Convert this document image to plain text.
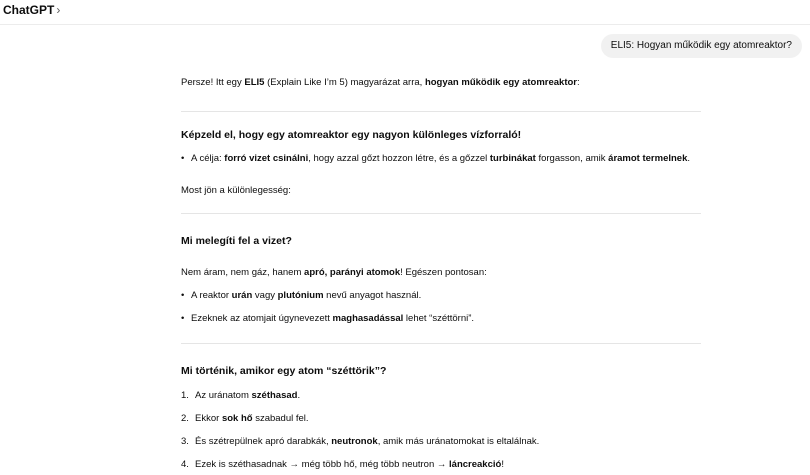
ChatGPT ›
ELI5: Hogyan működik egy atomreaktor?
Persze! Itt egy ELI5 (Explain Like I’m 5) magyarázat arra, hogyan működik egy atomreaktor:
Képzeld el, hogy egy atomreaktor egy nagyon különleges vízforraló!
• A célja: forró vizet csinálni, hogy azzal gőzt hozzon létre, és a gőzzel turbinákat forgasson, amik áramot termelnek.
Most jön a különlegesség:
Mi melegíti fel a vizet?
Nem áram, nem gáz, hanem apró, parányi atomok! Egészen pontosan:
• A reaktor urán vagy plutónium nevű anyagot használ.
• Ezeknek az atomjait úgynevezett maghasadással lehet “széttörni”.
Mi történik, amikor egy atom “széttörik”?
1. Az uránatom széthasad.
2. Ekkor sok hő szabadul fel.
3. És szétrepülnek apró darabkák, neutronok, amik más uránatomokat is eltalálnak.
4. Ezek is széthasadnak → még több hő, még több neutron → láncreakció!
